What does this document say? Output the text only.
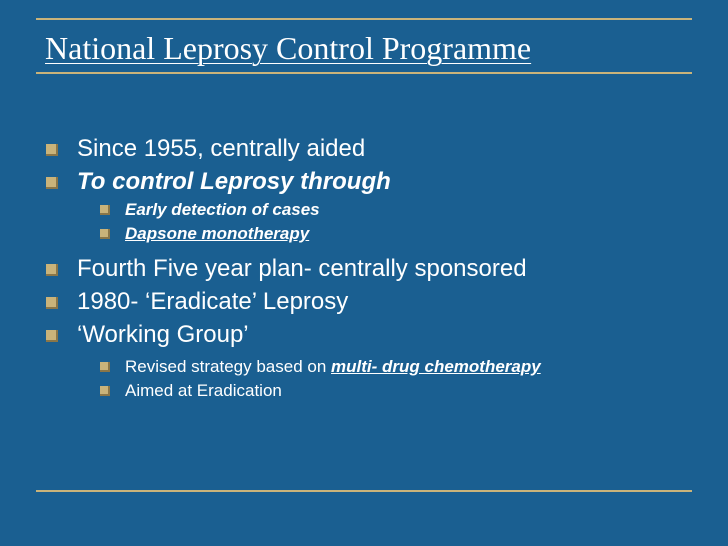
National Leprosy Control Programme
Since 1955, centrally aided
To control Leprosy through
Early detection of cases
Dapsone monotherapy
Fourth Five year plan- centrally sponsored
1980- ‘Eradicate’ Leprosy
‘Working Group’
Revised strategy based on multi- drug chemotherapy
Aimed at Eradication
